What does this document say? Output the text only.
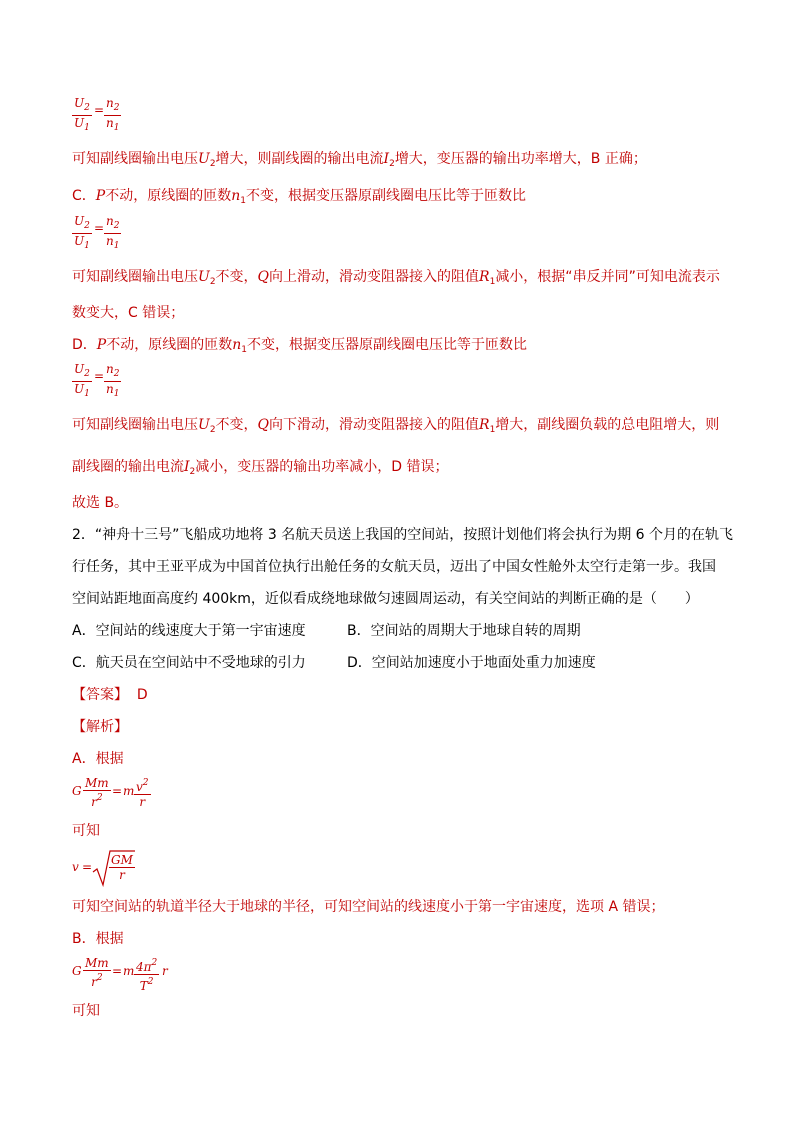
$\frac{U_2}{U_1} = \frac{n_2}{n_1}$
可知副线圈输出电压$U_2$增大，则副线圈的输出电流$I_2$增大，变压器的输出功率增大，B 正确；
C．P不动，原线圈的匝数$n_1$不变，根据变压器原副线圈电压比等于匝数比
$\frac{U_2}{U_1} = \frac{n_2}{n_1}$
可知副线圈输出电压$U_2$不变，Q向上滑动，滑动变阻器接入的阻值$R_1$减小，根据“串反并同”可知电流表示
数变大，C 错误；
D．P不动，原线圈的匝数$n_1$不变，根据变压器原副线圈电压比等于匝数比
$\frac{U_2}{U_1} = \frac{n_2}{n_1}$
可知副线圈输出电压$U_2$不变，Q向下滑动，滑动变阻器接入的阻值$R_1$增大，副线圈负载的总电阻增大，则
副线圈的输出电流$I_2$减小，变压器的输出功率减小，D 错误；
故选 B。
2．“神舟十三号”飞船成功地将 3 名航天员送上我国的空间站，按照计划他们将会执行为期 6 个月的在轨飞
行任务，其中王亚平成为中国首位执行出舱任务的女航天员，迈出了中国女性舱外太空行走第一步。我国
空间站距地面高度约 400km，近似看成绕地球做匀速圆周运动，有关空间站的判断正确的是（　　）
A．空间站的线速度大于第一宇宙速度	B．空间站的周期大于地球自转的周期
C．航天员在空间站中不受地球的引力	D．空间站加速度小于地面处重力加速度
【答案】 D
【解析】
A．根据
G $\frac{Mm}{r^2} = m \frac{v^2}{r}$
可知
$v = \frac{GM}{r}$
可知空间站的轨道半径大于地球的半径，可知空间站的线速度小于第一宇宙速度，选项 A 错误；
B．根据
G $\frac{Mm}{r^2} = m \frac{4\pi^2}{T^2}$ r
可知
